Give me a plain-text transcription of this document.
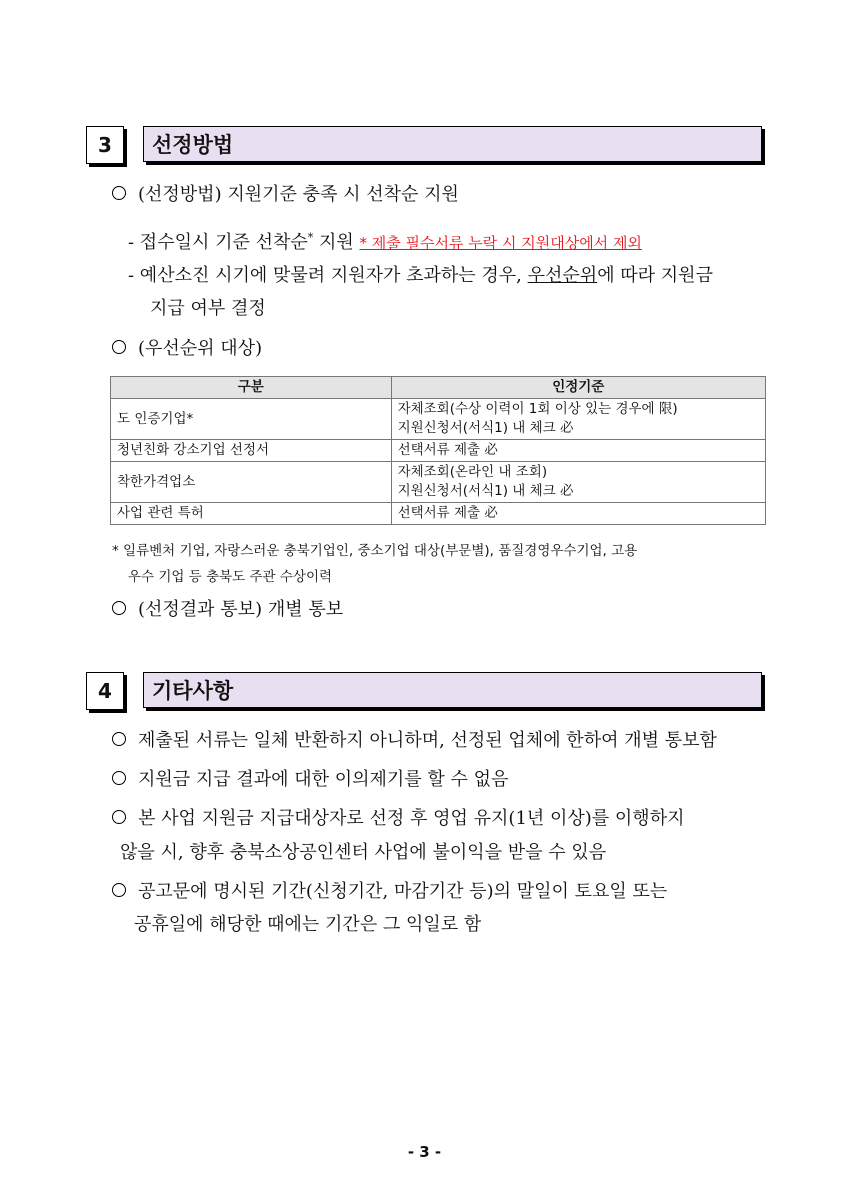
3	선정방법
(선정방법) 지원기준 충족 시 선착순 지원
- 접수일시 기준 선착순* 지원 * 제출 필수서류 누락 시 지원대상에서 제외
- 예산소진 시기에 맞물려 지원자가 초과하는 경우, 우선순위에 따라 지원금
지급 여부 결정
(우선순위 대상)
구분	인정기준
도 인증기업*	자체조회(수상 이력이 1회 이상 있는 경우에 限)
지원신청서(서식1) 내 체크 必

청년친화 강소기업 선정서	선택서류 제출 必
착한가격업소	자체조회(온라인 내 조회)
지원신청서(서식1) 내 체크 必

사업 관련 특허	선택서류 제출 必
* 일류벤처 기업, 자랑스러운 충북기업인, 중소기업 대상(부문별), 품질경영우수기업, 고용
우수 기업 등 충북도 주관 수상이력
(선정결과 통보) 개별 통보
4	기타사항
제출된 서류는 일체 반환하지 아니하며, 선정된 업체에 한하여 개별 통보함
지원금 지급 결과에 대한 이의제기를 할 수 없음
본 사업 지원금 지급대상자로 선정 후 영업 유지(1년 이상)를 이행하지
않을 시, 향후 충북소상공인센터 사업에 불이익을 받을 수 있음
공고문에 명시된 기간(신청기간, 마감기간 등)의 말일이 토요일 또는
공휴일에 해당한 때에는 기간은 그 익일로 함
- 3 -
